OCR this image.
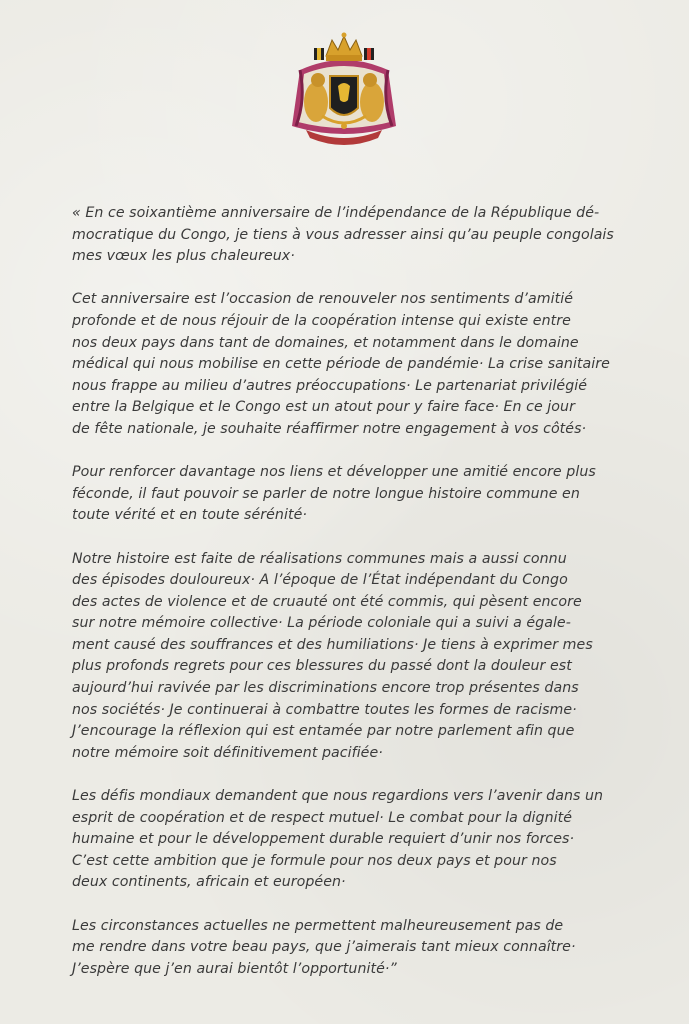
« En ce soixantième anniversaire de l’indépendance de la République dé-
mocratique du Congo, je tiens à vous adresser ainsi qu’au peuple congolais
mes vœux les plus chaleureux·

Cet anniversaire est l’occasion de renouveler nos sentiments d’amitié
profonde et de nous réjouir de la coopération intense qui existe entre
nos deux pays dans tant de domaines, et notamment dans le domaine
médical qui nous mobilise en cette période de pandémie· La crise sanitaire
nous frappe au milieu d’autres préoccupations· Le partenariat privilégié
entre la Belgique et le Congo est un atout pour y faire face· En ce jour
de fête nationale, je souhaite réaffirmer notre engagement à vos côtés·

Pour renforcer davantage nos liens et développer une amitié encore plus
féconde, il faut pouvoir se parler de notre longue histoire commune en
toute vérité et en toute sérénité·

Notre histoire est faite de réalisations communes mais a aussi connu
des épisodes douloureux· A l’époque de l’État indépendant du Congo
des actes de violence et de cruauté ont été commis, qui pèsent encore
sur notre mémoire collective· La période coloniale qui a suivi a égale-
ment causé des souffrances et des humiliations· Je tiens à exprimer mes
plus profonds regrets pour ces blessures du passé dont la douleur est
aujourd’hui ravivée par les discriminations encore trop présentes dans
nos sociétés· Je continuerai à combattre toutes les formes de racisme·
J’encourage la réflexion qui est entamée par notre parlement afin que
notre mémoire soit définitivement pacifiée·

Les défis mondiaux demandent que nous regardions vers l’avenir dans un
esprit de coopération et de respect mutuel· Le combat pour la dignité
humaine et pour le développement durable requiert d’unir nos forces·
C’est cette ambition que je formule pour nos deux pays et pour nos
deux continents, africain et européen·

Les circonstances actuelles ne permettent malheureusement pas de
me rendre dans votre beau pays, que j’aimerais tant mieux connaître·
J’espère que j’en aurai bientôt l’opportunité·”
